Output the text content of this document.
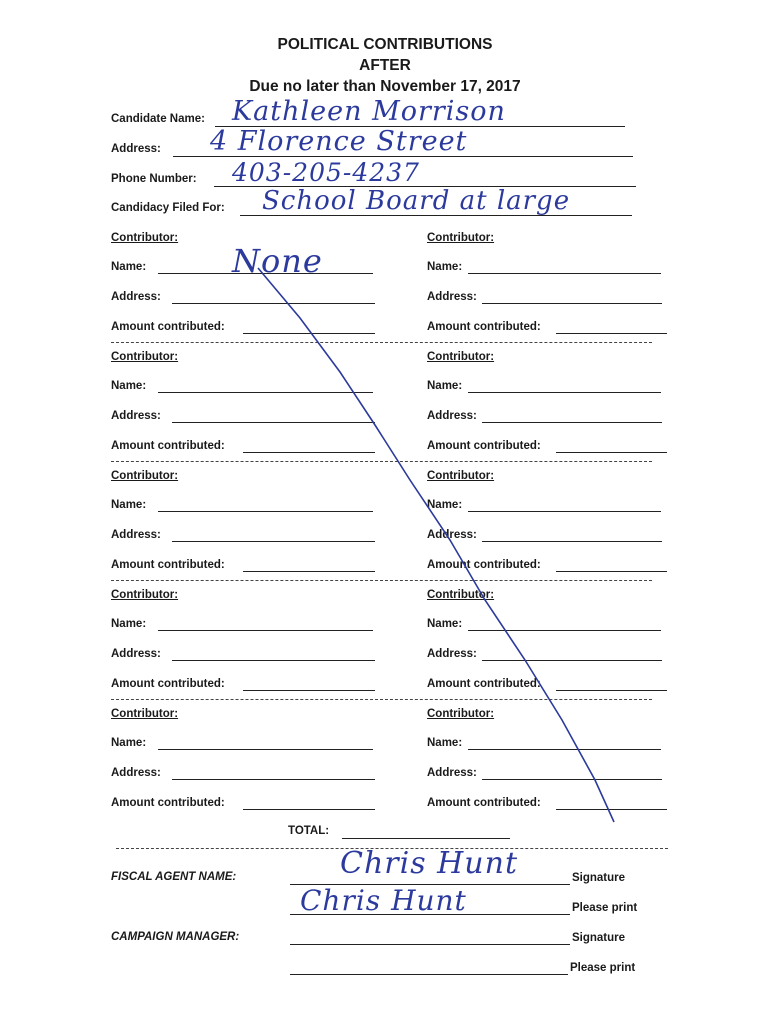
POLITICAL CONTRIBUTIONS
AFTER
Due no later than November 17, 2017
Candidate Name: Kathleen Morrison
Address: 4 Florence Street
Phone Number: 403-205-4237
Candidacy Filed For: School Board at large
Contributor:
Name:
Address:
Amount contributed:
Contributor:
Name:
Address:
Amount contributed:
Contributor:
Name:
Address:
Amount contributed:
Contributor:
Name:
Address:
Amount contributed:
Contributor:
Name:
Address:
Amount contributed:
Contributor:
Name:
Address:
Amount contributed:
Contributor:
Name:
Address:
Amount contributed:
Contributor:
Name:
Address:
Amount contributed:
Contributor:
Name:
Address:
Amount contributed:
Contributor:
Name:
Address:
Amount contributed:
None
TOTAL:
FISCAL AGENT NAME:	Chris Hunt	Signature
Chris Hunt	Please print
CAMPAIGN MANAGER:	Signature
Please print
